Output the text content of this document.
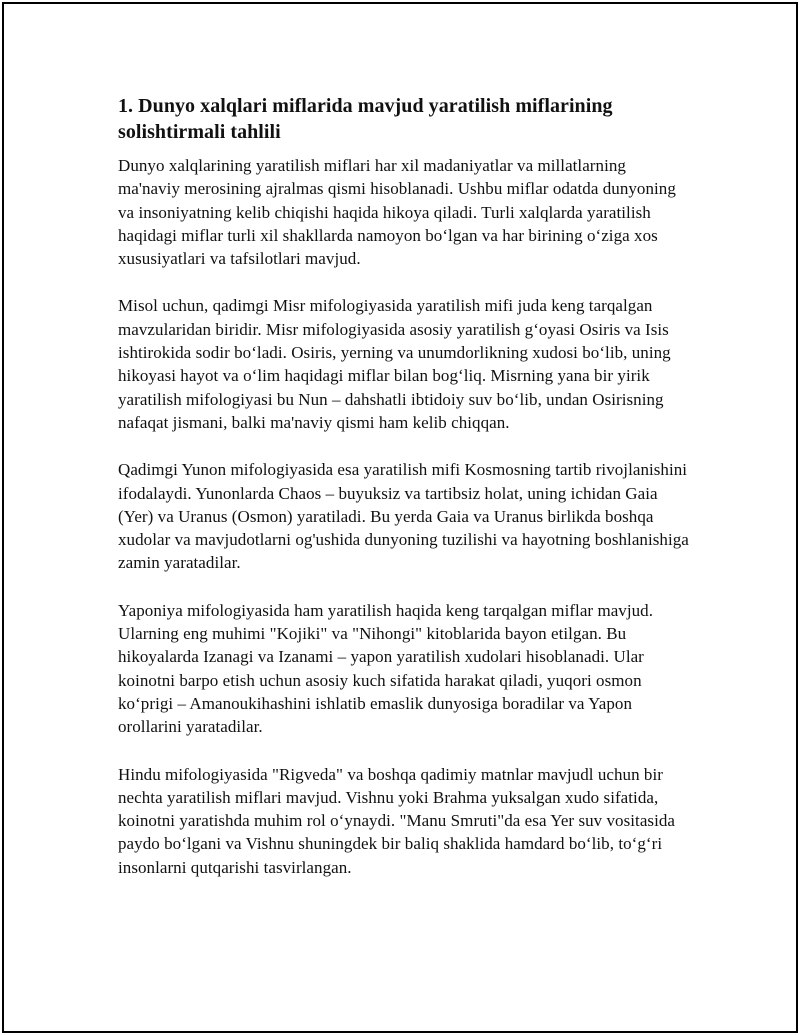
1. Dunyo xalqlari miflarida mavjud yaratilish miflarining solishtirmali tahlili

Dunyo xalqlarining yaratilish miflari har xil madaniyatlar va millatlarning ma'naviy merosining ajralmas qismi hisoblanadi. Ushbu miflar odatda dunyoning va insoniyatning kelib chiqishi haqida hikoya qiladi. Turli xalqlarda yaratilish haqidagi miflar turli xil shakllarda namoyon bo‘lgan va har birining o‘ziga xos xususiyatlari va tafsilotlari mavjud.

Misol uchun, qadimgi Misr mifologiyasida yaratilish mifi juda keng tarqalgan mavzularidan biridir. Misr mifologiyasida asosiy yaratilish g‘oyasi Osiris va Isis ishtirokida sodir bo‘ladi. Osiris, yerning va unumdorlikning xudosi bo‘lib, uning hikoyasi hayot va o‘lim haqidagi miflar bilan bog‘liq. Misrning yana bir yirik yaratilish mifologiyasi bu Nun – dahshatli ibtidoiy suv bo‘lib, undan Osirisning nafaqat jismani, balki ma'naviy qismi ham kelib chiqqan.

Qadimgi Yunon mifologiyasida esa yaratilish mifi Kosmosning tartib rivojlanishini ifodalaydi. Yunonlarda Chaos – buyuksiz va tartibsiz holat, uning ichidan Gaia (Yer) va Uranus (Osmon) yaratiladi. Bu yerda Gaia va Uranus birlikda boshqa xudolar va mavjudotlarni og'ushida dunyoning tuzilishi va hayotning boshlanishiga zamin yaratadilar.

Yaponiya mifologiyasida ham yaratilish haqida keng tarqalgan miflar mavjud. Ularning eng muhimi "Kojiki" va "Nihongi" kitoblarida bayon etilgan. Bu hikoyalarda Izanagi va Izanami – yapon yaratilish xudolari hisoblanadi. Ular koinotni barpo etish uchun asosiy kuch sifatida harakat qiladi, yuqori osmon ko‘prigi – Amanoukihashini ishlatib emaslik dunyosiga boradilar va Yapon orollarini yaratadilar.

Hindu mifologiyasida "Rigveda" va boshqa qadimiy matnlar mavjudl uchun bir nechta yaratilish miflari mavjud. Vishnu yoki Brahma yuksalgan xudo sifatida, koinotni yaratishda muhim rol o‘ynaydi. "Manu Smruti"da esa Yer suv vositasida paydo bo‘lgani va Vishnu shuningdek bir baliq shaklida hamdard bo‘lib, to‘g‘ri insonlarni qutqarishi tasvirlangan.
